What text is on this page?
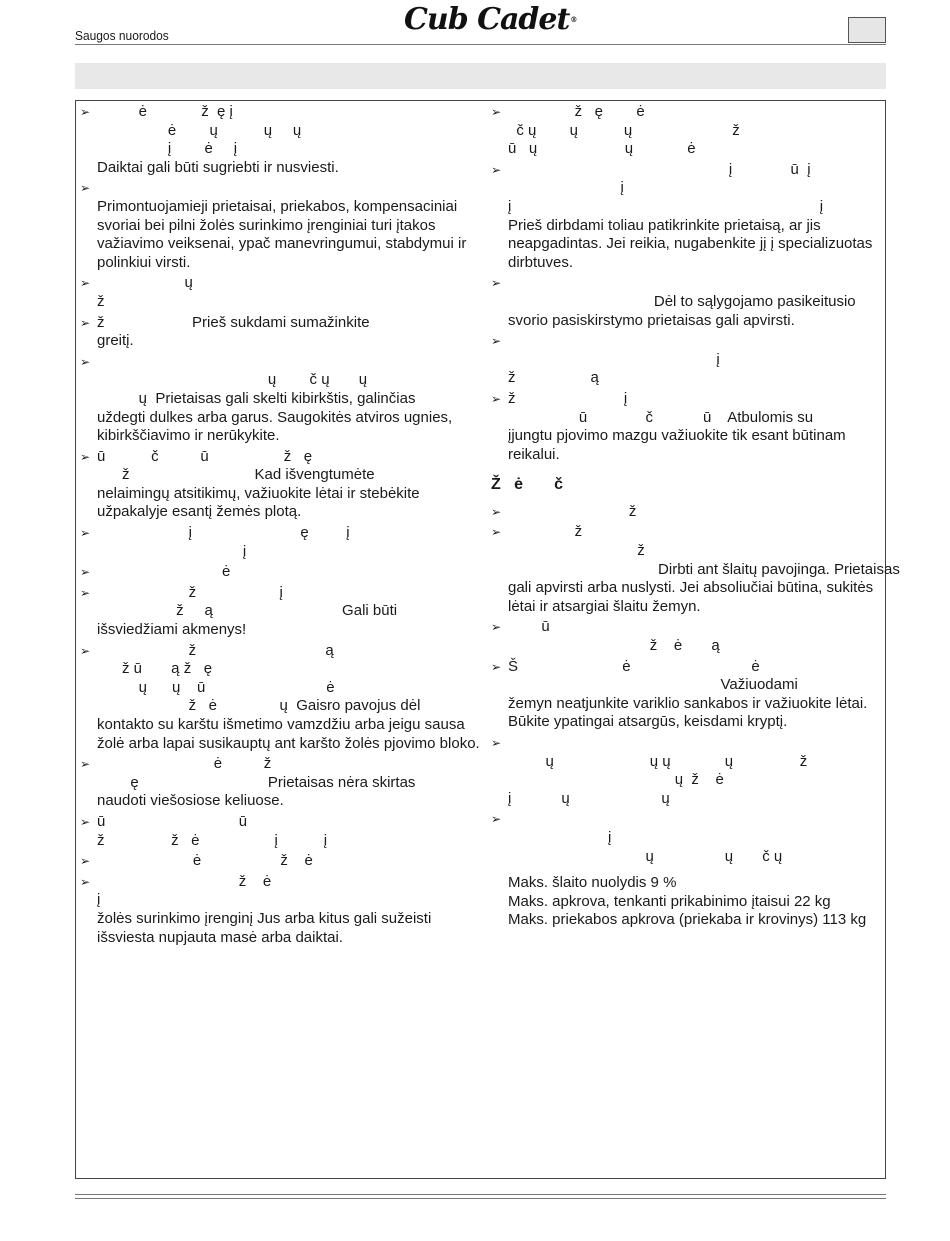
Saugos nuorodos	Cub Cadet®
➢ ė             ž  ę į
ė        ų           ų     ų
į        ė     į
Daiktai gali būti sugriebti ir nusviesti.
➢

Primontuojamieji prietaisai, priekabos, kompensaciniai svoriai bei pilni žolės surinkimo įrenginiai turi įtakos važiavimo veiksenai, ypač manevringumui, stabdymui ir polinkiui virsti.
➢ ų
ž
➢ ž                     Prieš sukdami sumažinkite
greitį.
➢

ų        č ų       ų
ų  Prietaisas gali skelti kibirkštis, galinčias
uždegti dulkes arba garus. Saugokitės atviros ugnies, kibirkščiavimo ir nerūkykite.
➢ ū           č          ū                  ž   ę
ž                              Kad išvengtumėte
nelaimingų atsitikimų, važiuokite lėtai ir stebėkite užpakalyje esantį žemės plotą.
➢ į                          ę         į
į
➢ ė
➢ ž                    į
ž     ą                               Gali būti
išsviedžiami akmenys!
➢ ž                               ą
ž ū       ą ž   ę
ų      ų    ū                             ė
ž   ė               ų  Gaisro pavojus dėl
kontakto su karštu išmetimo vamzdžiu arba jeigu sausa žolė arba lapai susikauptų ant karšto žolės pjovimo bloko.
➢ ė          ž
ę                               Prietaisas nėra skirtas
naudoti viešosiose keliuose.
➢ ū                                ū
ž                ž   ė                  į           į
➢ ė                   ž    ė
➢ ž    ė
į
žolės surinkimo įrenginį Jus arba kitus gali sužeisti išsviesta nupjauta masė arba daiktai.
➢ ž   ę        ė
č ų        ų           ų                        ž
ū   ų                     ų             ė
➢ į              ū  į
į
į                                                                          į
Prieš dirbdami toliau patikrinkite prietaisą, ar jis neapgadintas. Jei reikia, nugabenkite jį į specializuotas dirbtuves.
➢

Dėl to sąlygojamo pasikeitusio
svorio pasiskirstymo prietaisas gali apvirsti.
➢

į
ž                  ą
➢ ž                          į
ū              č            ū    Atbulomis su
įjungtu pjovimo mazgu važiuokite tik esant būtinam reikalui.
Ž   ė       č
➢ ž
➢ ž
ž
Dirbti ant šlaitų pavojinga. Prietaisas
gali apvirsti arba nuslysti. Jei absoliučiai būtina, sukitės lėtai ir atsargiai šlaitu žemyn.
➢ ū
ž    ė       ą
➢ Š                         ė                             ė
Važiuodami
žemyn neatjunkite variklio sankabos ir važiuokite lėtai. Būkite ypatingai atsargūs, keisdami kryptį.
➢

ų                       ų ų             ų                ž
ų  ž    ė
į            ų                      ų
➢

į
ų                 ų       č ų
Maks. šlaito nuolydis 9 %
Maks. apkrova, tenkanti prikabinimo įtaisui 22 kg
Maks. priekabos apkrova (priekaba ir krovinys) 113 kg
